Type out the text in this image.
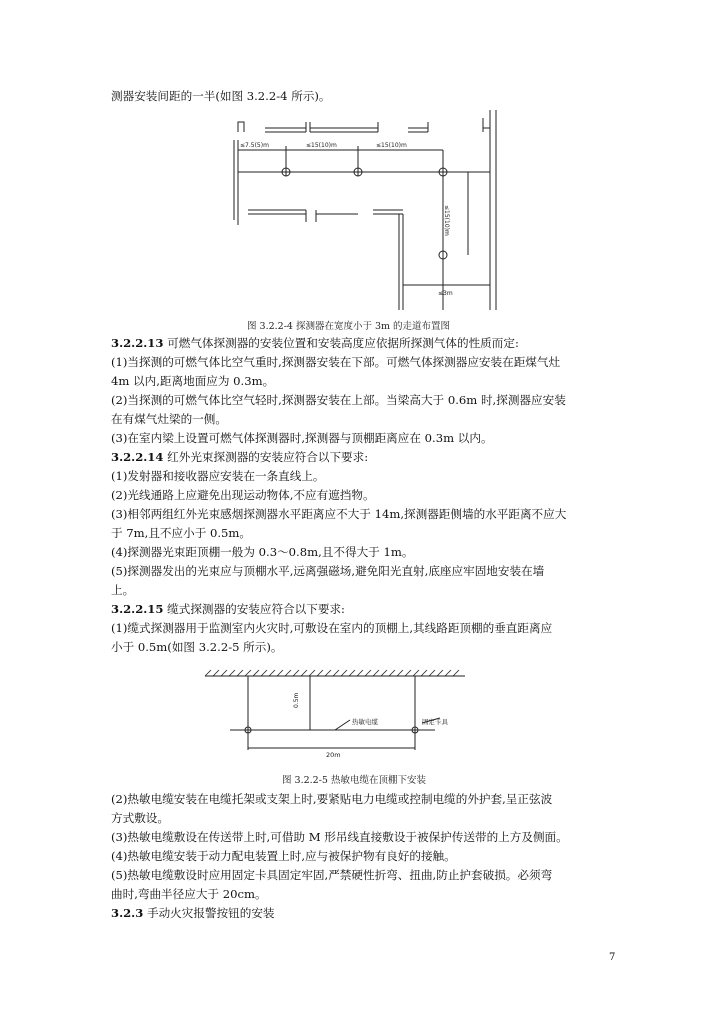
测器安装间距的一半(如图 3.2.2-4 所示)。
≤7.5(5)m	≤15(10)m	≤15(10)m
≤15(10)m
≤3m
图 3.2.2-4 探测器在宽度小于 3m 的走道布置图
3.2.2.13 可燃气体探测器的安装位置和安装高度应依据所探测气体的性质而定:
(1)当探测的可燃气体比空气重时,探测器安装在下部。可燃气体探测器应安装在距煤气灶
4m 以内,距离地面应为 0.3m。
(2)当探测的可燃气体比空气轻时,探测器安装在上部。当梁高大于 0.6m 时,探测器应安装
在有煤气灶梁的一侧。
(3)在室内梁上设置可燃气体探测器时,探测器与顶棚距离应在 0.3m 以内。
3.2.2.14 红外光束探测器的安装应符合以下要求:
(1)发射器和接收器应安装在一条直线上。
(2)光线通路上应避免出现运动物体,不应有遮挡物。
(3)相邻两组红外光束感烟探测器水平距离应不大于 14m,探测器距侧墙的水平距离不应大
于 7m,且不应小于 0.5m。
(4)探测器光束距顶棚一般为 0.3～0.8m,且不得大于 1m。
(5)探测器发出的光束应与顶棚水平,远离强磁场,避免阳光直射,底座应牢固地安装在墙
上。
3.2.2.15 缆式探测器的安装应符合以下要求:
(1)缆式探测器用于监测室内火灾时,可敷设在室内的顶棚上,其线路距顶棚的垂直距离应
小于 0.5m(如图 3.2.2-5 所示)。
热敏电缆	固定卡具
20m
0.5m
图 3.2.2-5 热敏电缆在顶棚下安装
(2)热敏电缆安装在电缆托架或支架上时,要紧贴电力电缆或控制电缆的外护套,呈正弦波
方式敷设。
(3)热敏电缆敷设在传送带上时,可借助 M 形吊线直接敷设于被保护传送带的上方及侧面。
(4)热敏电缆安装于动力配电装置上时,应与被保护物有良好的接触。
(5)热敏电缆敷设时应用固定卡具固定牢固,严禁硬性折弯、扭曲,防止护套破损。必须弯
曲时,弯曲半径应大于 20cm。
3.2.3 手动火灾报警按钮的安装
7
